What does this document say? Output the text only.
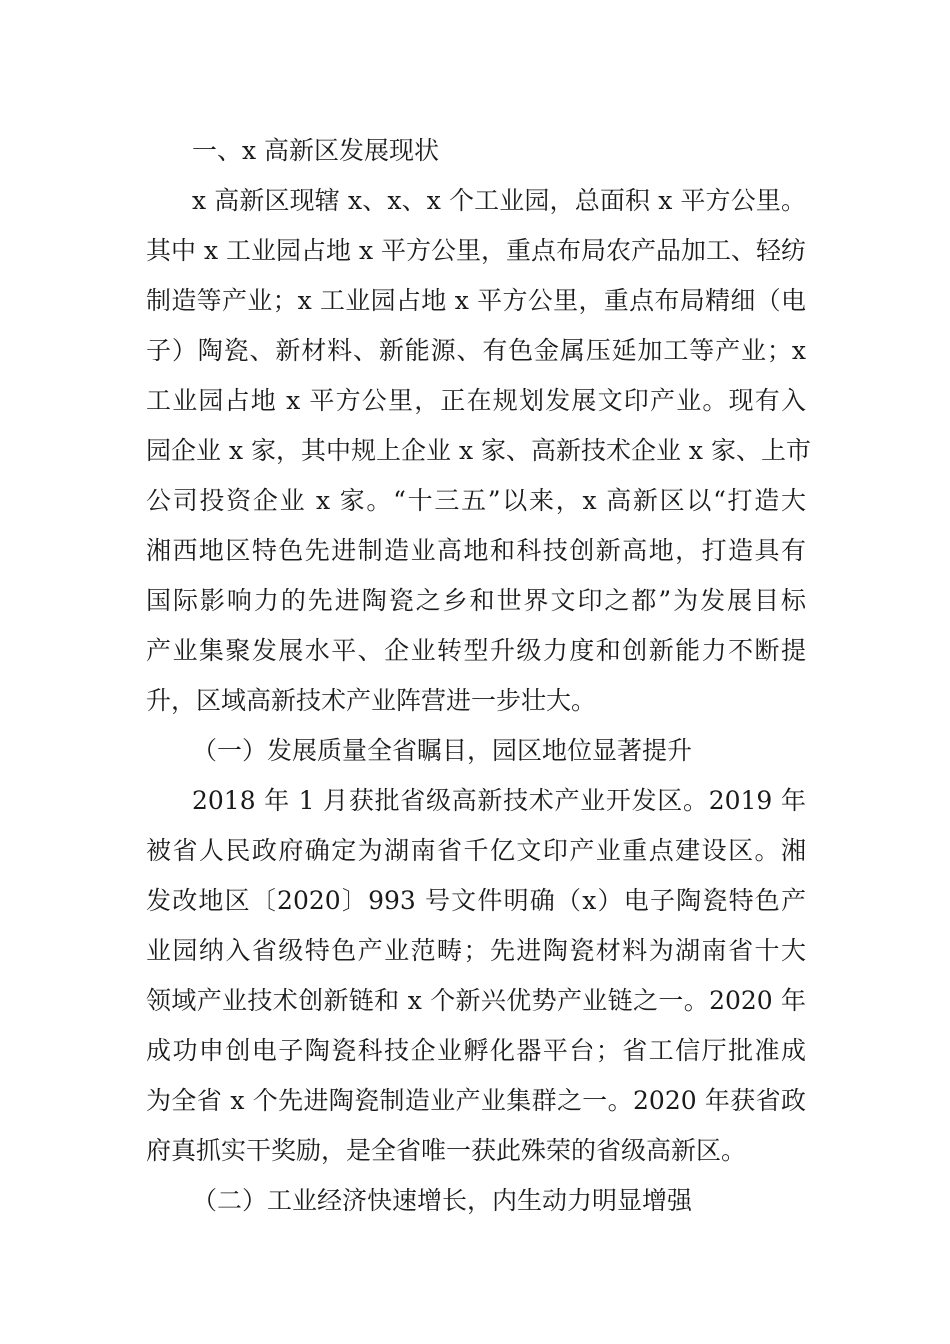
一、x 高新区发展现状
x 高新区现辖 x、x、x 个工业园，总面积 x 平方公里。
其中 x 工业园占地 x 平方公里，重点布局农产品加工、轻纺
制造等产业；x 工业园占地 x 平方公里，重点布局精细（电
子）陶瓷、新材料、新能源、有色金属压延加工等产业；x
工业园占地 x 平方公里，正在规划发展文印产业。现有入
园企业 x 家，其中规上企业 x 家、高新技术企业 x 家、上市
公司投资企业 x 家。“十三五”以来，x 高新区以“打造大
湘西地区特色先进制造业高地和科技创新高地，打造具有
国际影响力的先进陶瓷之乡和世界文印之都”为发展目标
产业集聚发展水平、企业转型升级力度和创新能力不断提
升，区域高新技术产业阵营进一步壮大。
（一）发展质量全省瞩目，园区地位显著提升
2018 年 1 月获批省级高新技术产业开发区。2019 年
被省人民政府确定为湖南省千亿文印产业重点建设区。湘
发改地区〔2020〕993 号文件明确（x）电子陶瓷特色产
业园纳入省级特色产业范畴；先进陶瓷材料为湖南省十大
领域产业技术创新链和 x 个新兴优势产业链之一。2020 年
成功申创电子陶瓷科技企业孵化器平台；省工信厅批准成
为全省 x 个先进陶瓷制造业产业集群之一。2020 年获省政
府真抓实干奖励，是全省唯一获此殊荣的省级高新区。
（二）工业经济快速增长，内生动力明显增强
